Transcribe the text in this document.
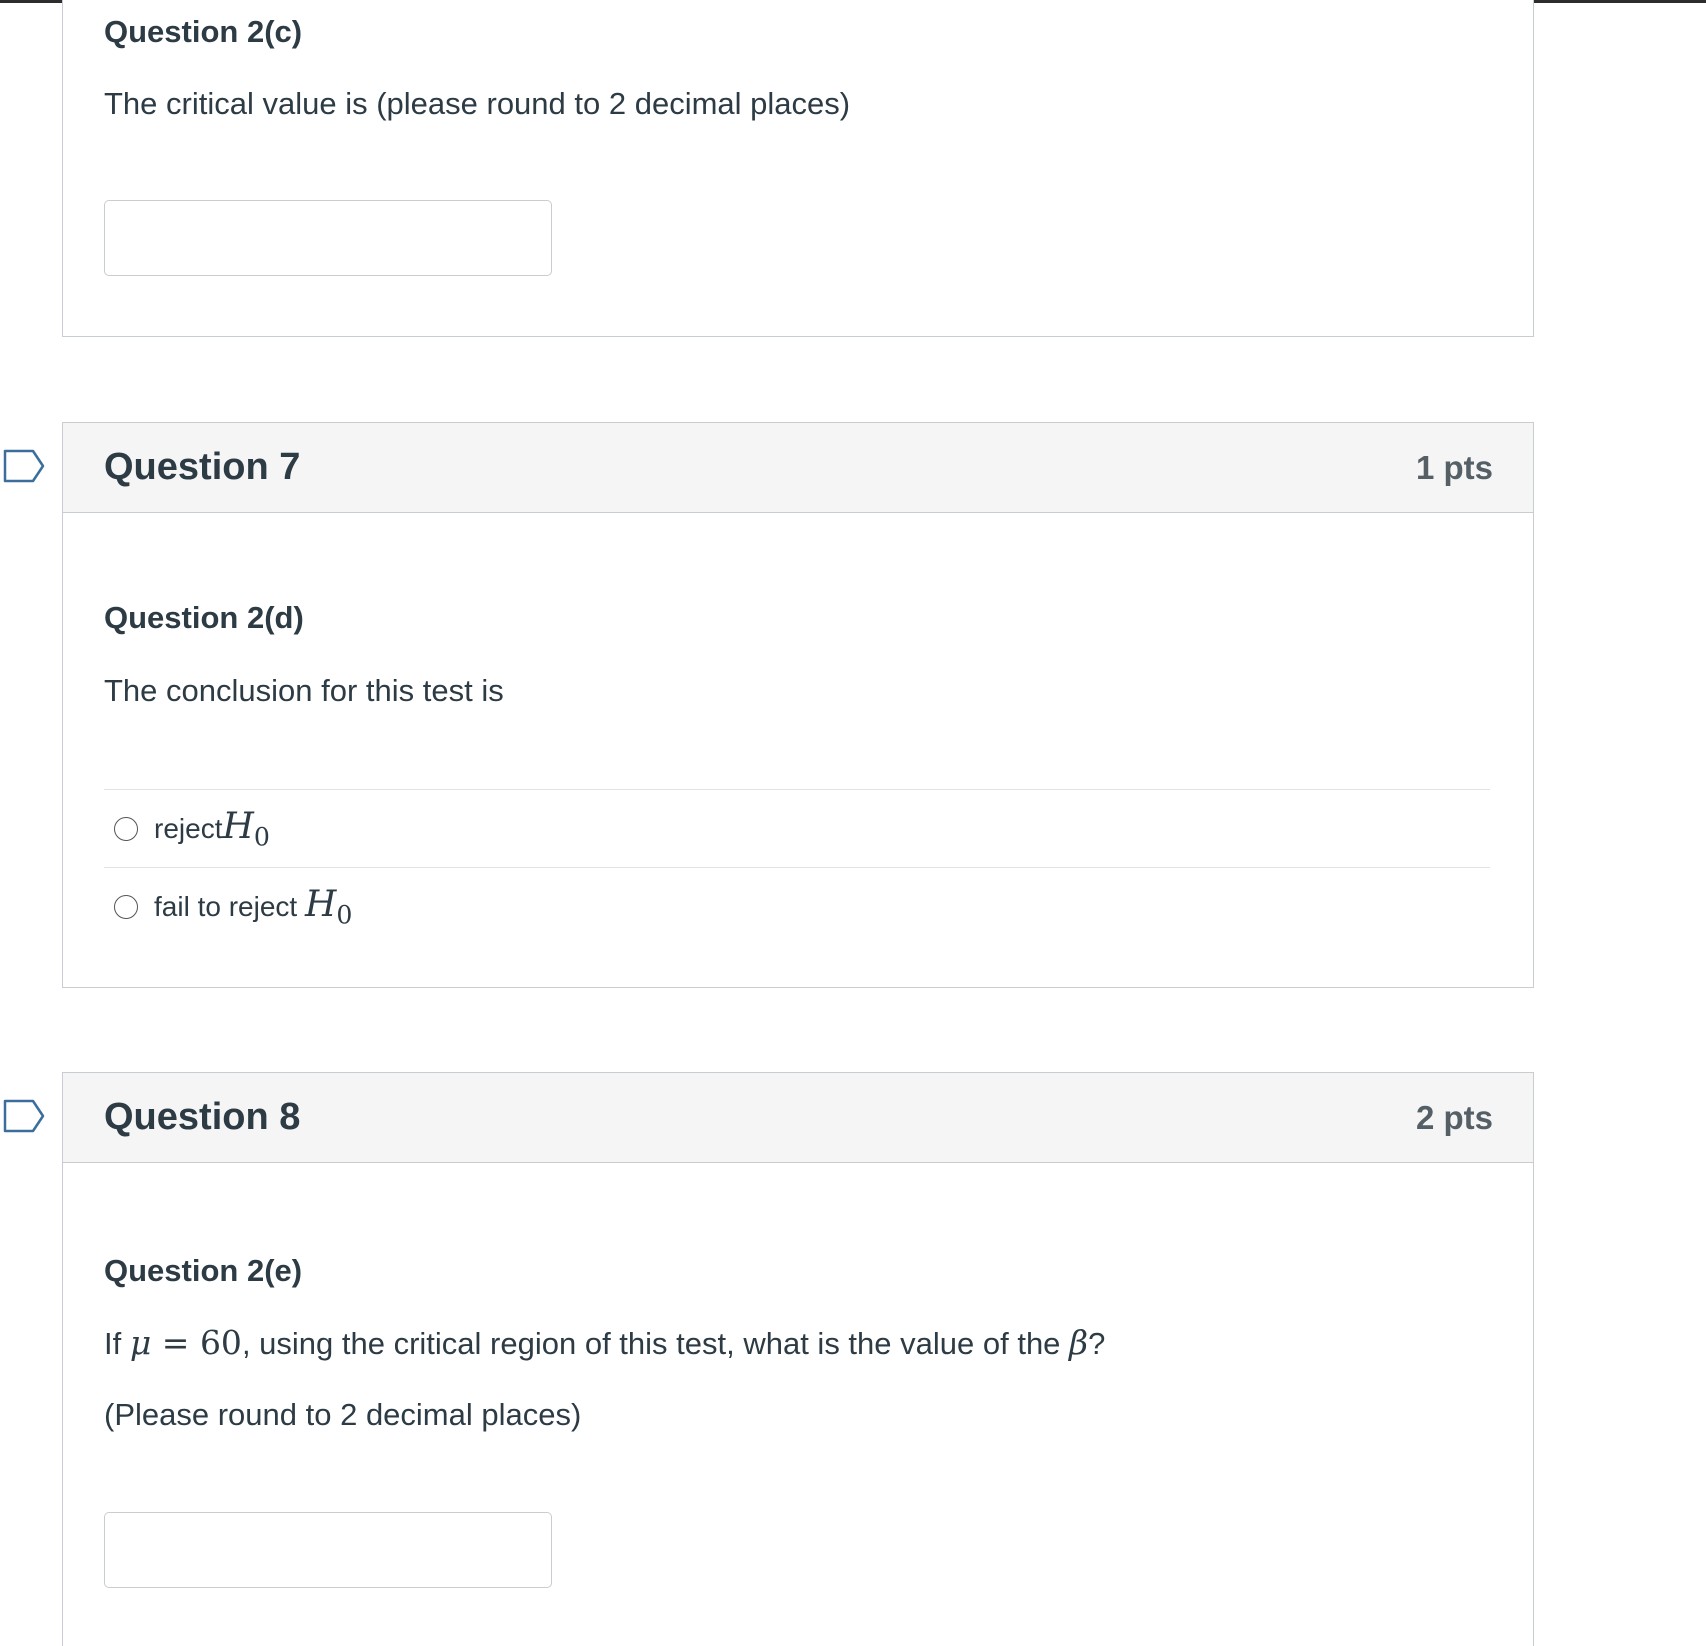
Question 2(c)
The critical value is (please round to 2 decimal places)
Question 7	1 pts
Question 2(d)
The conclusion for this test is
rejectH$_0$
fail to reject $H_0$
Question 8	2 pts
Question 2(e)
If μ = 60, using the critical region of this test, what is the value of the β?
(Please round to 2 decimal places)
